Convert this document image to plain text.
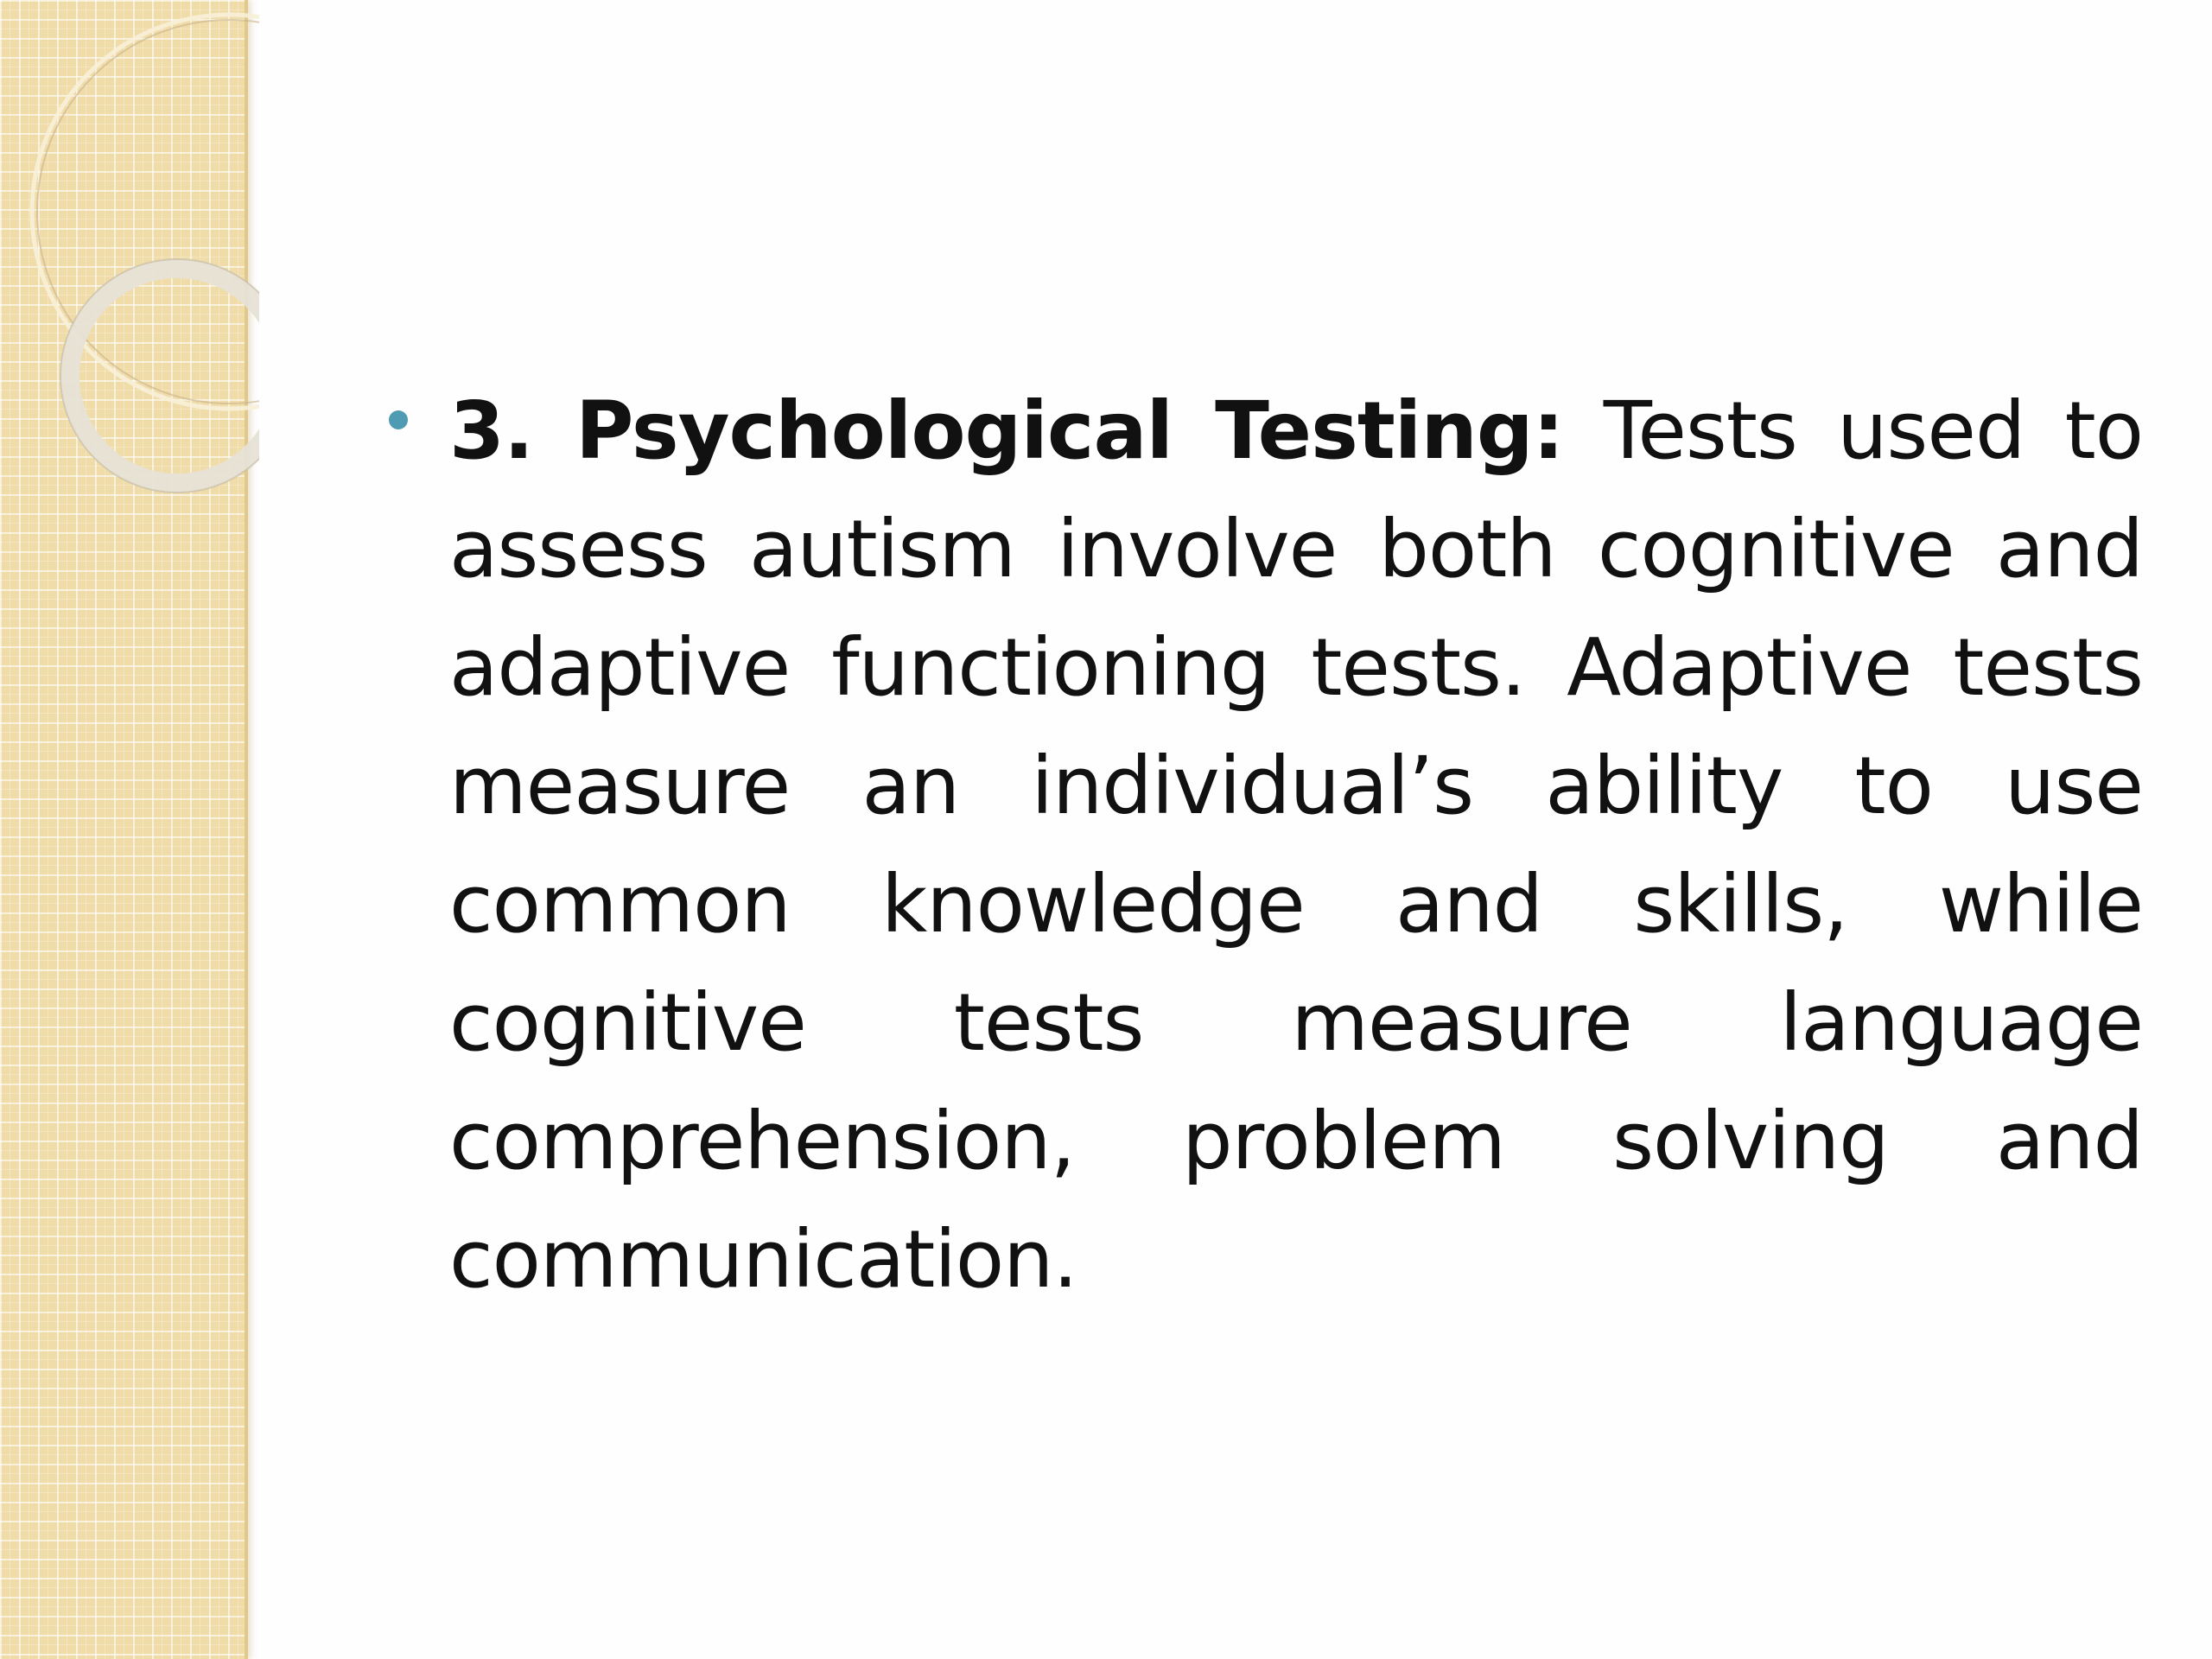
3. Psychological Testing: Tests used to assess autism involve both cognitive and adaptive functioning tests. Adaptive tests measure an individual’s ability to use common knowledge and skills, while cognitive tests measure language comprehension, problem solving and communication.
